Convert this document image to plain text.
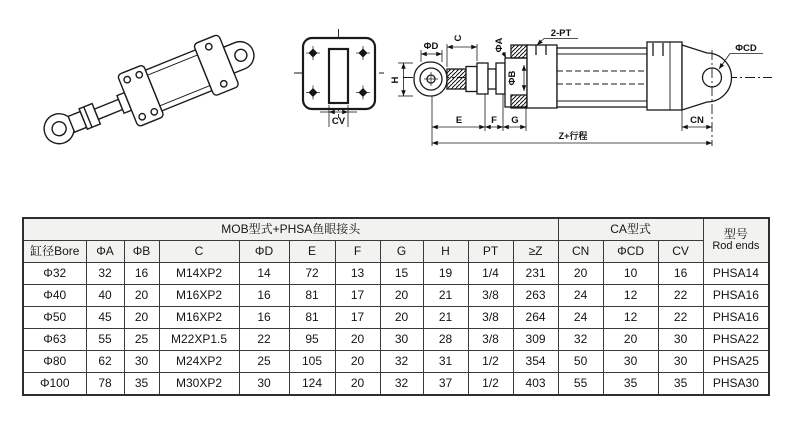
CV
H
ΦD
C	ΦA
ΦB
2-PT
ΦCD
E	F G	CN
Z+行程
MOB型式+PHSA鱼眼接头											CA型式			型号
Rod ends

缸径Bore	ΦA	ΦB	C	ΦD	E	F	G	H	PT	≥Z	CN	ΦCD	CV	
Φ32	32	16	M14XP2	14	72	13	15	19	1/4	231	20	10	16	PHSA14
Φ40	40	20	M16XP2	16	81	17	20	21	3/8	263	24	12	22	PHSA16
Φ50	45	20	M16XP2	16	81	17	20	21	3/8	264	24	12	22	PHSA16
Φ63	55	25	M22XP1.5	22	95	20	30	28	3/8	309	32	20	30	PHSA22
Φ80	62	30	M24XP2	25	105	20	32	31	1/2	354	50	30	30	PHSA25
Φ100	78	35	M30XP2	30	124	20	32	37	1/2	403	55	35	35	PHSA30
